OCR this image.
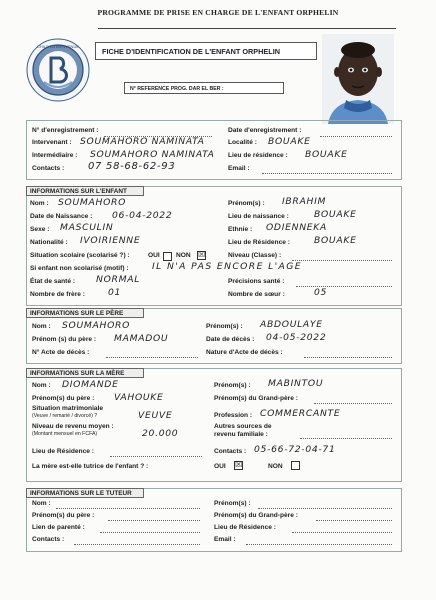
PROGRAMME DE PRISE EN CHARGE DE L'ENFANT ORPHELIN
CHILD LA BIENVENUE
FICHE D'IDENTIFICATION DE L'ENFANT ORPHELIN
N° REFERENCE PROG. DAR EL BER :
N° d'enregistrement :	Date d'enregistrement :
Intervenant : SOUMAHORO NAMINATA	Localité : BOUAKE
Intermédiaire : SOUMAHORO NAMINATA Lieu de résidence : BOUAKE
Contacts : 07 58-68-62-93	Email :
INFORMATIONS SUR L'ENFANT
Nom : SOUMAHORO	Prénom(s) : IBRAHIM
Date de Naissance : 06-04-2022	Lieu de naissance :	BOUAKE
Sexe : MASCULIN	Ethnie : ODIENNEKA
Nationalité : IVOIRIENNE	Lieu de Résidence :	BOUAKE
Situation scolaire (scolarisé ?) :	OUI NON ☒	Niveau (Classe) :
Si enfant non scolarisé (motif) :	IL N'A PAS ENCORE L'AGE
État de santé : NORMAL	Précisions santé :
Nombre de frère :	01	Nombre de sœur :	05
INFORMATIONS SUR LE PÈRE
Nom : SOUMAHORO	Prénom(s) : ABDOULAYE
Prénom (s) du père : MAMADOU	Date de décès : 04-05-2022
N° Acte de décès :	Nature d'Acte de décès :
INFORMATIONS SUR LA MÈRE
Nom : DIOMANDE	Prénom(s) : MABINTOU
Prénom(s) du père : VAHOUKE	Prénom(s) du Grand-père :
Situation matrimoniale
(Veuve / remarié / divorcé) ?	VEUVE	Profession : COMMERCANTE
Niveau de revenu moyen :
(Montant mensuel en FCFA)	20.000
Autres sources de revenu familiale :
Lieu de Résidence :	Contacts : 05-66-72-04-71
La mère est-elle tutrice de l'enfant ? :	OUI ☒	NON
INFORMATIONS SUR LE TUTEUR
Nom :	Prénom(s) :
Prénom(s) du père :	Prénom(s) du Grand-père :
Lien de parenté :	Lieu de Résidence :
Contacts :	Email :
